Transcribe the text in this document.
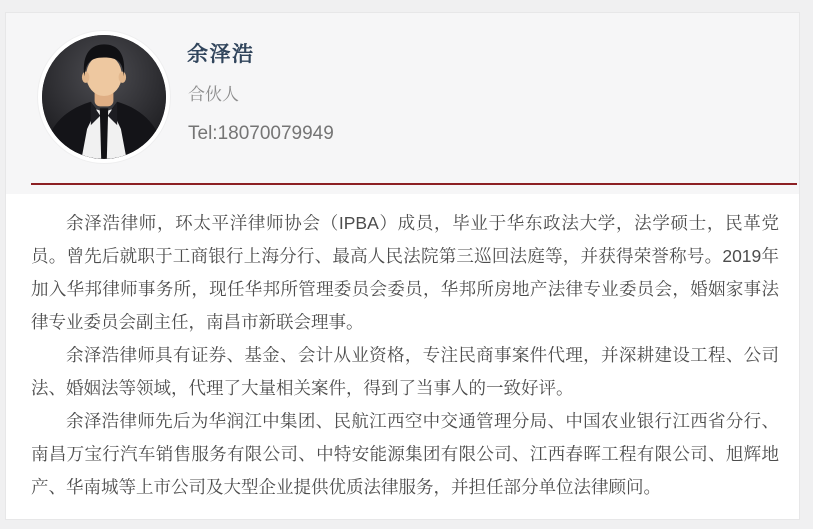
余泽浩
合伙人
Tel:18070079949

余泽浩律师，环太平洋律师协会（IPBA）成员，毕业于华东政法大学，法学硕士，民革党员。曾先后就职于工商银行上海分行、最高人民法院第三巡回法庭等，并获得荣誉称号。2019年加入华邦律师事务所，现任华邦所管理委员会委员，华邦所房地产法律专业委员会，婚姻家事法律专业委员会副主任，南昌市新联会理事。

余泽浩律师具有证券、基金、会计从业资格，专注民商事案件代理，并深耕建设工程、公司法、婚姻法等领域，代理了大量相关案件，得到了当事人的一致好评。

余泽浩律师先后为华润江中集团、民航江西空中交通管理分局、中国农业银行江西省分行、南昌万宝行汽车销售服务有限公司、中特安能源集团有限公司、江西春晖工程有限公司、旭辉地产、华南城等上市公司及大型企业提供优质法律服务，并担任部分单位法律顾问。
